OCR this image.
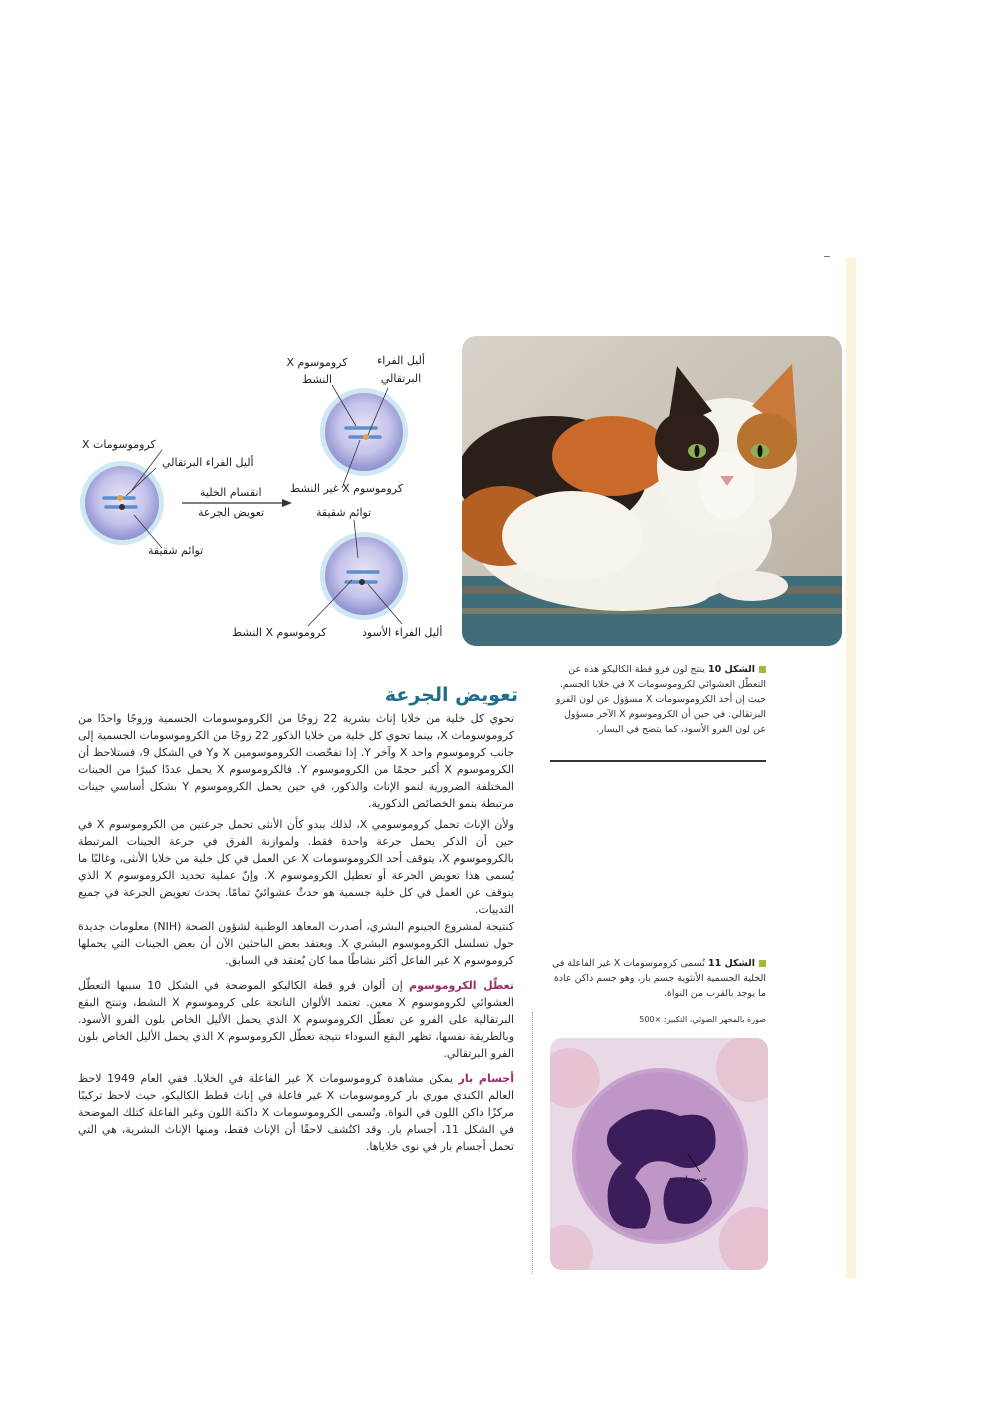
كروموسومات X
أليل الفراء البرتقالي
توائم شقيقة
انقسام الخلية
تعويض الجرعة
كروموسوم X النشط
أليل الفراء البرتقالي
كروموسوم X غير النشط
توائم شقيقة
كروموسوم X النشط	أليل الفراء الأسود
الشكل 10 ينتج لون فرو قطة الكاليكو هذه عن التعطّل العشوائي لكروموسومات X في خلايا الجسم. حيث إن أحد الكروموسومات X مسؤول عن لون الفرو البرتقالي. في حين أن الكروموسوم X الآخر مسؤول عن لون الفرو الأسود، كما يتضح في اليسار.
الشكل 11 تُسمى كروموسومات X غير الفاعلة في الخلية الجسمية الأنثوية جسم بار، وهو جسم داكن عادة ما يوجد بالقرب من النواة.
صورة بالمجهر الضوئي، التكبير: ×500
جسم بار
تعويض الجرعة

تحوي كل خلية من خلايا إناث بشرية 22 زوجًا من الكروموسومات الجسمية وزوجًا واحدًا من كروموسومات X، بينما تحوي كل خلية من خلايا الذكور 22 زوجًا من الكروموسومات الجسمية إلى جانب كروموسوم واحد X وآخر Y. إذا تفحّصت الكروموسومين X وY في الشكل 9، فستلاحظ أن الكروموسوم X أكبر حجمًا من الكروموسوم Y. فالكروموسوم X يحمل عددًا كبيرًا من الجينات المختلفة الضرورية لنمو الإناث والذكور، في حين يحمل الكروموسوم Y بشكل أساسي جينات مرتبطة بنمو الخصائص الذكورية.

ولأن الإناث تحمل كروموسومي X، لذلك يبدو كأن الأنثى تحمل جرعتين من الكروموسوم X في حين أن الذكر يحمل جرعة واحدة فقط. ولموازنة الفرق في جرعة الجينات المرتبطة بالكروموسوم X، يتوقف أحد الكروموسومات X عن العمل في كل خلية من خلايا الأنثى، وغالبًا ما يُسمى هذا تعويض الجرعة أو تعطيل الكروموسوم X. وإنّ عملية تحديد الكروموسوم X الذي يتوقف عن العمل في كل خلية جسمية هو حدثٌ عشوائيٌ تمامًا. يحدث تعويض الجرعة في جميع الثدييات.

كنتيجة لمشروع الجينوم البشري، أصدرت المعاهد الوطنية لشؤون الصحة (NIH) معلومات جديدة حول تسلسل الكروموسوم البشري X. ويعتقد بعض الباحثين الآن أن بعض الجينات التي يحملها كروموسوم X غير الفاعل أكثر نشاطًا مما كان يُعتقد في السابق.

تعطّل الكروموسوم إن ألوان فرو قطة الكاليكو الموضحة في الشكل 10 سببها التعطّل العشوائي لكروموسوم X معين. تعتمد الألوان الناتجة على كروموسوم X النشط، وتنتج البقع البرتقالية على الفرو عن تعطّل الكروموسوم X الذي يحمل الأليل الخاص بلون الفرو الأسود. وبالطريقة نفسها، تظهر البقع السوداء نتيجة تعطّل الكروموسوم X الذي يحمل الأليل الخاص بلون الفرو البرتقالي.

أجسام بار يمكن مشاهدة كروموسومات X غير الفاعلة في الخلايا. ففي العام 1949 لاحظ العالم الكندي موري بار كروموسومات X غير فاعلة في إناث قطط الكاليكو، حيث لاحظ تركيبًا مركزًا داكن اللون في النواة. وتُسمى الكروموسومات X داكنة اللون وغير الفاعلة كتلك الموضحة في الشكل 11، أجسام بار. وقد اكتُشف لاحقًا أن الإناث فقط، ومنها الإناث البشرية، هي التي تحمل أجسام بار في نوى خلاياها.
